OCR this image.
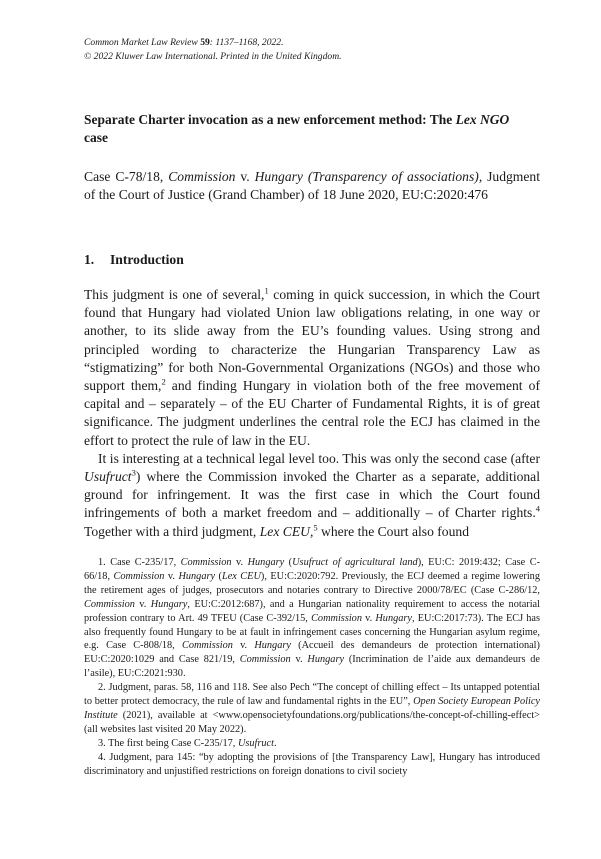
Common Market Law Review 59: 1137–1168, 2022.
© 2022 Kluwer Law International. Printed in the United Kingdom.
Separate Charter invocation as a new enforcement method: The Lex NGO case
Case C-78/18, Commission v. Hungary (Transparency of associations), Judgment of the Court of Justice (Grand Chamber) of 18 June 2020, EU:C:2020:476
1. Introduction

This judgment is one of several,$^1$ coming in quick succession, in which the Court found that Hungary had violated Union law obligations relating, in one way or another, to its slide away from the EU’s founding values. Using strong and principled wording to characterize the Hungarian Transparency Law as “stigmatizing” for both Non-Governmental Organizations (NGOs) and those who support them,$^2$ and finding Hungary in violation both of the free movement of capital and – separately – of the EU Charter of Fundamental Rights, it is of great significance. The judgment underlines the central role the ECJ has claimed in the effort to protect the rule of law in the EU.

It is interesting at a technical legal level too. This was only the second case (after Usufruct$^3$) where the Commission invoked the Charter as a separate, additional ground for infringement. It was the first case in which the Court found infringements of both a market freedom and – additionally – of Charter rights.$^4$ Together with a third judgment, Lex CEU,$^5$ where the Court also found

1. Case C-235/17, Commission v. Hungary (Usufruct of agricultural land), EU:C: 2019:432; Case C-66/18, Commission v. Hungary (Lex CEU), EU:C:2020:792. Previously, the ECJ deemed a regime lowering the retirement ages of judges, prosecutors and notaries contrary to Directive 2000/78/EC (Case C-286/12, Commission v. Hungary, EU:C:2012:687), and a Hungarian nationality requirement to access the notarial profession contrary to Art. 49 TFEU (Case C-392/15, Commission v. Hungary, EU:C:2017:73). The ECJ has also frequently found Hungary to be at fault in infringement cases concerning the Hungarian asylum regime, e.g. Case C-808/18, Commission v. Hungary (Accueil des demandeurs de protection international) EU:C:2020:1029 and Case 821/19, Commission v. Hungary (Incrimination de l’aide aux demandeurs de l’asile), EU:C:2021:930.

2. Judgment, paras. 58, 116 and 118. See also Pech “The concept of chilling effect – Its untapped potential to better protect democracy, the rule of law and fundamental rights in the EU”, Open Society European Policy Institute (2021), available at <www.opensocietyfoundations.org/publications/the-concept-of-chilling-effect> (all websites last visited 20 May 2022).

3. The first being Case C-235/17, Usufruct.

4. Judgment, para 145: “by adopting the provisions of [the Transparency Law], Hungary has introduced discriminatory and unjustified restrictions on foreign donations to civil society
